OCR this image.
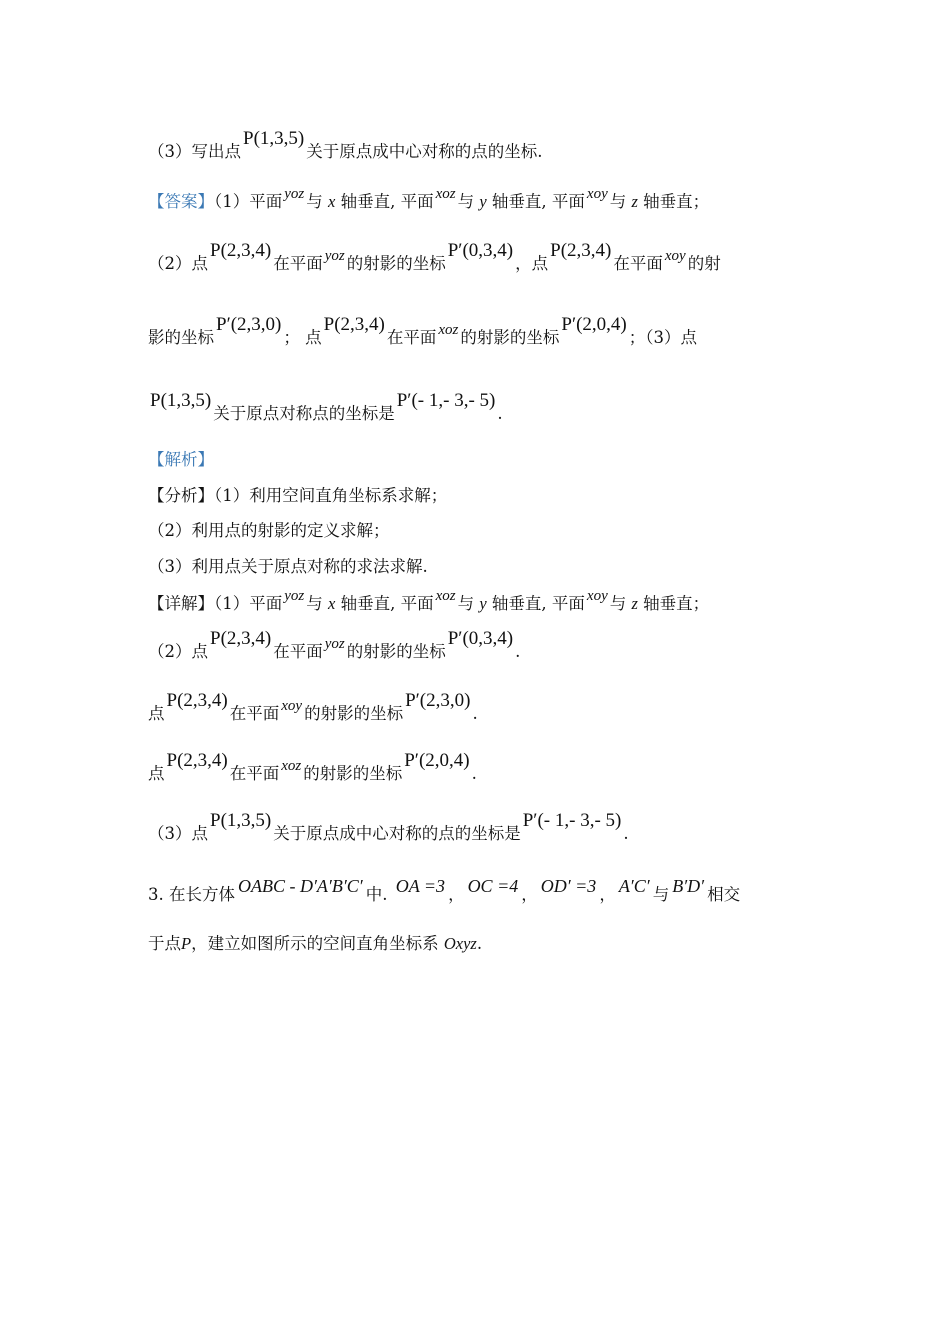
（3）写出点P(1,3,5)关于原点成中心对称的点的坐标.

【答案】（1）平面 yoz 与 x 轴垂直, 平面 xoz 与 y 轴垂直, 平面 xoy 与 z 轴垂直；

（2）点P(2,3,4)在平面 yoz 的射影的坐标P′(0,3,4)，点P(2,3,4)在平面 xoy 的射

影的坐标P′(2,3,0)； 点P(2,3,4)在平面 xoz 的射影的坐标P′(2,0,4)；（3）点

P(1,3,5)关于原点对称点的坐标是P′(- 1,- 3,- 5).

【解析】

【分析】（1）利用空间直角坐标系求解；

（2）利用点的射影的定义求解；

（3）利用点关于原点对称的求法求解.

【详解】（1）平面 yoz 与 x 轴垂直, 平面 xoz 与 y 轴垂直, 平面 xoy 与 z 轴垂直；

（2）点P(2,3,4)在平面 yoz 的射影的坐标P′(0,3,4).

点P(2,3,4)在平面 xoy 的射影的坐标P′(2,3,0).

点P(2,3,4)在平面 xoz 的射影的坐标P′(2,0,4).

（3）点P(1,3,5)关于原点成中心对称的点的坐标是P′(- 1,- 3,- 5).

3. 在长方体 OABC - D′A′B′C′ 中. OA =3 ， OC =4 ， OD′ =3 ， A′C′ 与 B′D′ 相交

于点P，建立如图所示的空间直角坐标系 Oxyz.
